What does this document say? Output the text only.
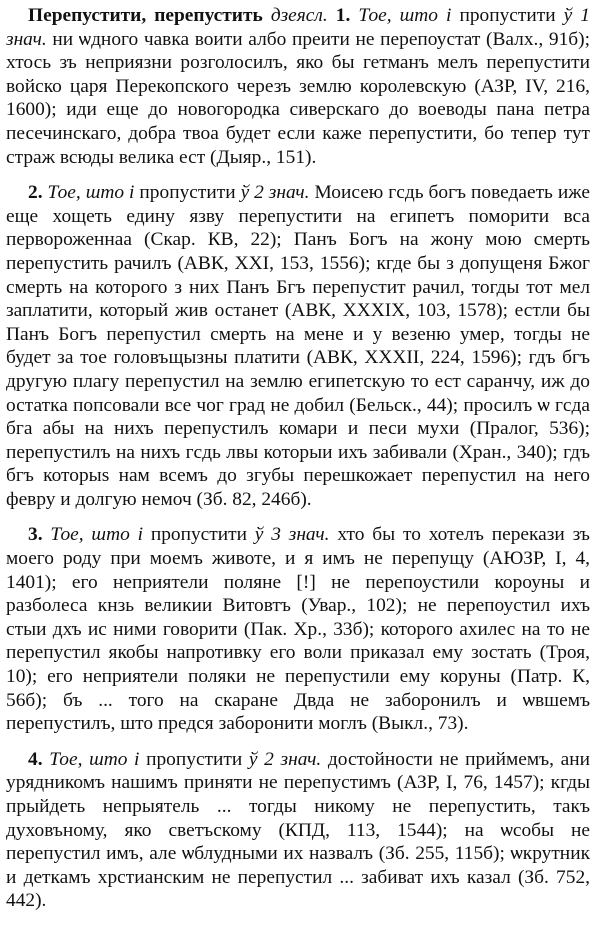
Перепустити, перепустить дзеясл. 1. Тое, што і пропустити ў 1 знач. ни ѡдного чавка воити албо преити не перепоустат (Валх., 91б); хтось зъ неприязни розголосилъ, яко бы гетманъ мелъ перепустити войско царя Перекопского черезъ землю королевскую (АЗР, IV, 216, 1600); иди еще до новогородка сиверскаго до воеводы пана петра песечинскаго, добра твоа будет если каже перепустити, бо тепер тут страж всюды велика ест (Дыяр., 151).

2. Тое, што і пропустити ў 2 знач. Моисею гсдь богъ поведаеть иже еще хощеть едину язву перепустити на египетъ поморити вса первороженнаа (Скар. КВ, 22); Панъ Богъ на жону мою смерть перепустить рачилъ (АВК, XXI, 153, 1556); кгде бы з допущеня Бжог смерть на которого з них Панъ Бгъ перепустит рачил, тогды тот мел заплатити, который жив останет (АВК, XXXIX, 103, 1578); естли бы Панъ Богъ перепустил смерть на мене и у везеню умер, тогды не будет за тое головъщызны платити (АВК, XXXII, 224, 1596); гдъ бгъ другую плагу перепустил на землю египетскую то ест саранчу, иж до остатка попсовали все чог град не добил (Бельск., 44); просилъ ѡ гсда бга абы на нихъ перепустилъ комари и песи мухи (Пралог, 536); перепустилъ на нихъ гсдь лвы которыи ихъ забивали (Хран., 340); гдъ бгъ которыs нам всемъ до згубы перешкожает перепустил на него февру и долгую немоч (Зб. 82, 246б).

3. Тое, што і пропустити ў 3 знач. хто бы то хотелъ перекази зъ моего роду при моемъ животе, и я имъ не перепущу (АЮЗР, I, 4, 1401); его неприятели поляне [!] не перепоустили короуны и разболеса кнзь великии Витовтъ (Увар., 102); не перепоустил ихъ стыи дхъ ис ними говорити (Пак. Хр., 33б); которого ахилес на то не перепустил якобы напротивку его воли приказал ему зостать (Троя, 10); его неприятели поляки не перепустили ему коруны (Патр. К, 56б); бъ ... того на скаране Двда не заборонилъ и ѡвшемъ перепустилъ, што предся заборонити моглъ (Выкл., 73).

4. Тое, што і пропустити ў 2 знач. достойности не приймемъ, ани урядникомъ нашимъ приняти не перепустимъ (АЗР, I, 76, 1457); кгды прыйдеть непрыятель ... тогды никому не перепустить, такъ духовъному, яко светъскому (КПД, 113, 1544); на ѡсобы не перепустил имъ, але ѡблудными их назвалъ (Зб. 255, 115б); ѡкрутник и деткамъ хрстианским не перепустил ... забиват ихъ казал (Зб. 752, 442).
